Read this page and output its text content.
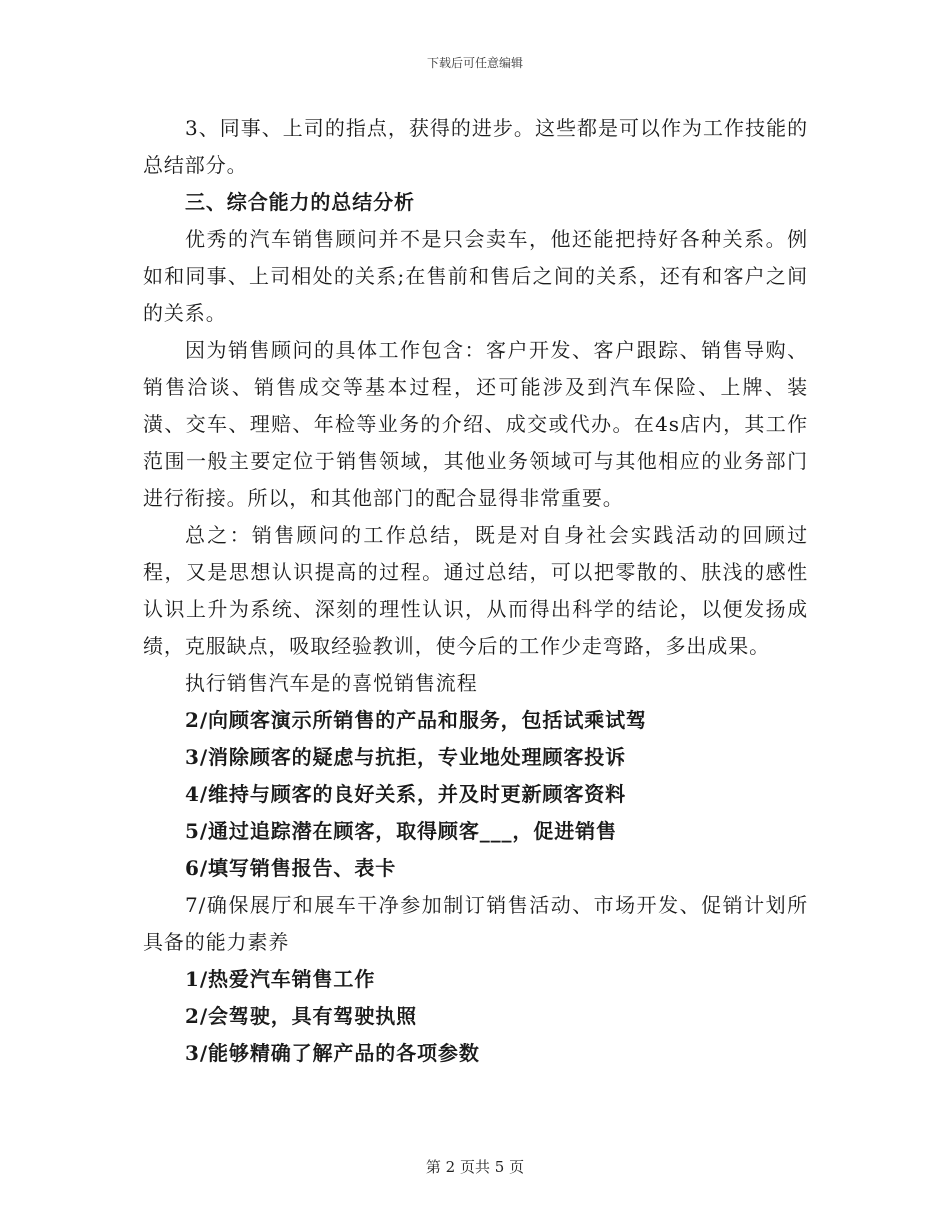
下载后可任意编辑

3、同事、上司的指点，获得的进步。这些都是可以作为工作技能的总结部分。

三、综合能力的总结分析

优秀的汽车销售顾问并不是只会卖车，他还能把持好各种关系。例如和同事、上司相处的关系;在售前和售后之间的关系，还有和客户之间的关系。

因为销售顾问的具体工作包含：客户开发、客户跟踪、销售导购、销售洽谈、销售成交等基本过程，还可能涉及到汽车保险、上牌、装潢、交车、理赔、年检等业务的介绍、成交或代办。在4s店内，其工作范围一般主要定位于销售领域，其他业务领域可与其他相应的业务部门进行衔接。所以，和其他部门的配合显得非常重要。

总之：销售顾问的工作总结，既是对自身社会实践活动的回顾过程，又是思想认识提高的过程。通过总结，可以把零散的、肤浅的感性认识上升为系统、深刻的理性认识，从而得出科学的结论，以便发扬成绩，克服缺点，吸取经验教训，使今后的工作少走弯路，多出成果。

执行销售汽车是的喜悦销售流程

2/向顾客演示所销售的产品和服务，包括试乘试驾

3/消除顾客的疑虑与抗拒，专业地处理顾客投诉

4/维持与顾客的良好关系，并及时更新顾客资料

5/通过追踪潜在顾客，取得顾客___，促进销售

6/填写销售报告、表卡

7/确保展厅和展车干净参加制订销售活动、市场开发、促销计划所具备的能力素养

1/热爱汽车销售工作

2/会驾驶，具有驾驶执照

3/能够精确了解产品的各项参数

第 2 页共 5 页
